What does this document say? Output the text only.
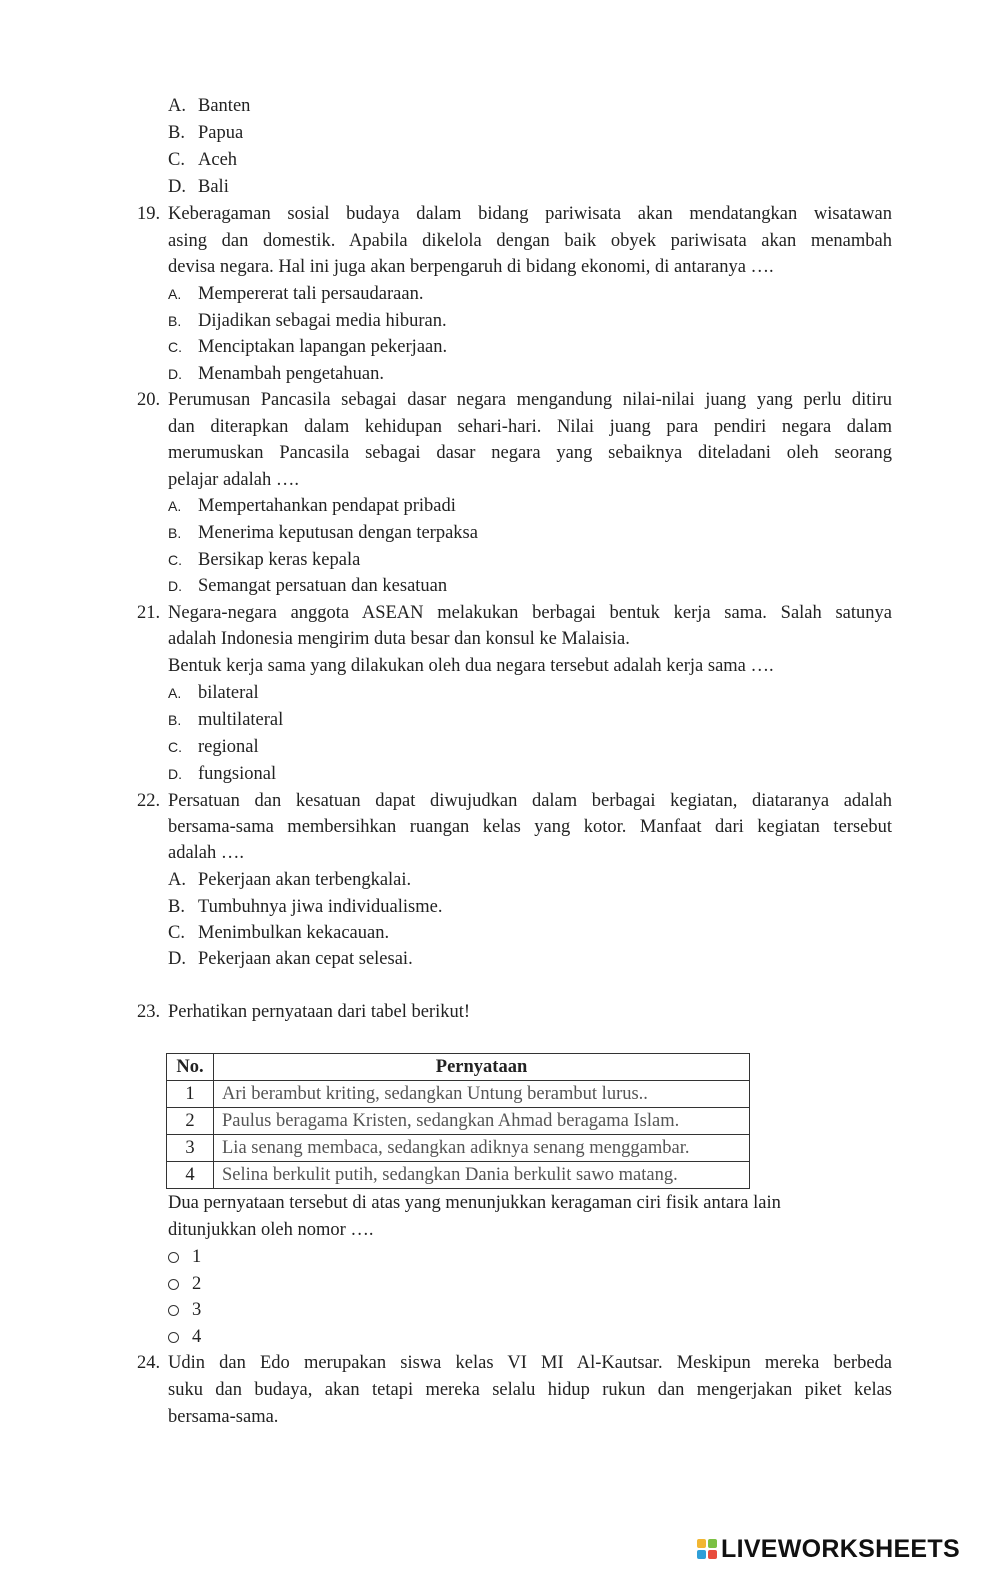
A. Banten
B. Papua
C. Aceh
D. Bali
19. Keberagaman sosial budaya dalam bidang pariwisata akan mendatangkan wisatawan
asing dan domestik. Apabila dikelola dengan baik obyek pariwisata akan menambah
devisa negara. Hal ini juga akan berpengaruh di bidang ekonomi, di antaranya ….
A. Mempererat tali persaudaraan.
B. Dijadikan sebagai media hiburan.
C. Menciptakan lapangan pekerjaan.
D. Menambah pengetahuan.
20. Perumusan Pancasila sebagai dasar negara mengandung nilai-nilai juang yang perlu ditiru
dan diterapkan dalam kehidupan sehari-hari. Nilai juang para pendiri negara dalam
merumuskan Pancasila sebagai dasar negara yang sebaiknya diteladani oleh seorang
pelajar adalah ….
A. Mempertahankan pendapat pribadi
B. Menerima keputusan dengan terpaksa
C. Bersikap keras kepala
D. Semangat persatuan dan kesatuan
21. Negara-negara anggota ASEAN melakukan berbagai bentuk kerja sama. Salah satunya
adalah Indonesia mengirim duta besar dan konsul ke Malaisia.
Bentuk kerja sama yang dilakukan oleh dua negara tersebut adalah kerja sama ….
A. bilateral
B. multilateral
C. regional
D. fungsional
22. Persatuan dan kesatuan dapat diwujudkan dalam berbagai kegiatan, diataranya adalah
bersama-sama membersihkan ruangan kelas yang kotor. Manfaat dari kegiatan tersebut
adalah ….
A. Pekerjaan akan terbengkalai.
B. Tumbuhnya jiwa individualisme.
C. Menimbulkan kekacauan.
D. Pekerjaan akan cepat selesai.
23. Perhatikan pernyataan dari tabel berikut!
No.	Pernyataan
1	Ari berambut kriting, sedangkan Untung berambut lurus..
2	Paulus beragama Kristen, sedangkan Ahmad beragama Islam.
3	Lia senang membaca, sedangkan adiknya senang menggambar.
4	Selina berkulit putih, sedangkan Dania berkulit sawo matang.
Dua pernyataan tersebut di atas yang menunjukkan keragaman ciri fisik antara lain
ditunjukkan oleh nomor ….
1
2
3
4
24. Udin dan Edo merupakan siswa kelas VI MI Al-Kautsar. Meskipun mereka berbeda
suku dan budaya, akan tetapi mereka selalu hidup rukun dan mengerjakan piket kelas
bersama-sama.
LIVEWORKSHEETS
